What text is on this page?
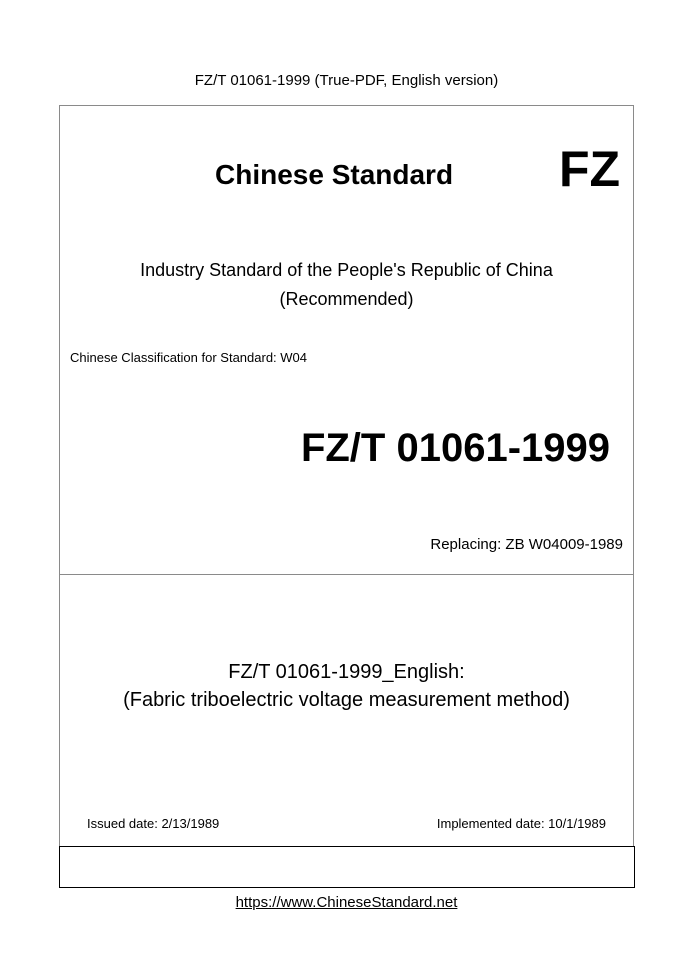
FZ/T 01061-1999 (True-PDF, English version)
Chinese Standard FZ
Industry Standard of the People's Republic of China
(Recommended)
Chinese Classification for Standard: W04
FZ/T 01061-1999
Replacing: ZB W04009-1989
FZ/T 01061-1999_English:
(Fabric triboelectric voltage measurement method)
Issued date: 2/13/1989	Implemented date: 10/1/1989
https://www.ChineseStandard.net
